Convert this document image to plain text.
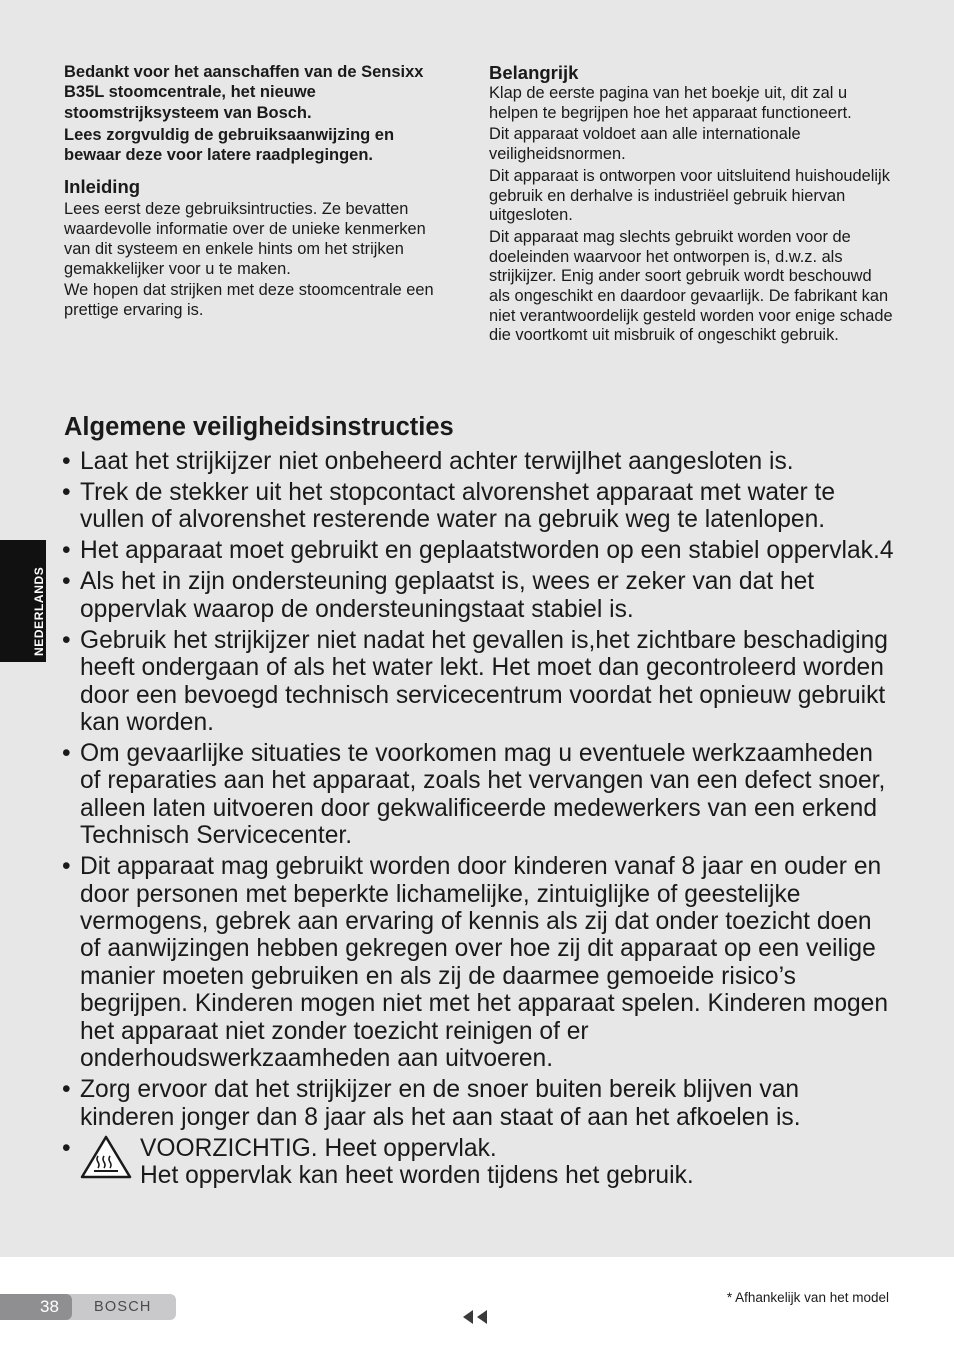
NEDERLANDS

Bedankt voor het aanschaffen van de Sensixx B35L stoomcentrale, het nieuwe stoomstrijksysteem van Bosch.

Lees zorgvuldig de gebruiksaanwijzing en bewaar deze voor latere raadplegingen.

Inleiding

Lees eerst deze gebruiksintructies. Ze bevatten waardevolle informatie over de unieke kenmerken van dit systeem en enkele hints om het strijken gemakkelijker voor u te maken.

We hopen dat strijken met deze stoomcentrale een prettige ervaring is.

Belangrijk

Klap de eerste pagina van het boekje uit, dit zal u helpen te begrijpen hoe het apparaat functioneert.

Dit apparaat voldoet aan alle internationale veiligheidsnormen.

Dit apparaat is ontworpen voor uitsluitend huishoudelijk gebruik en derhalve is industriëel gebruik hiervan uitgesloten.

Dit apparaat mag slechts gebruikt worden voor de doeleinden waarvoor het ontworpen is, d.w.z. als strijkijzer. Enig ander soort gebruik wordt beschouwd als ongeschikt en daardoor gevaarlijk. De fabrikant kan niet verantwoordelijk gesteld worden voor enige schade die voortkomt uit misbruik of ongeschikt gebruik.

Algemene veiligheidsinstructies
• Laat het strijkijzer niet onbeheerd achter terwijlhet aangesloten is.
• Trek de stekker uit het stopcontact alvorenshet apparaat met water te vullen of alvorenshet resterende water na gebruik weg te latenlopen.
• Het apparaat moet gebruikt en geplaatstworden op een stabiel oppervlak.4
• Als het in zijn ondersteuning geplaatst is, wees er zeker van dat het oppervlak waarop de ondersteuningstaat stabiel is.
• Gebruik het strijkijzer niet nadat het gevallen is,het zichtbare beschadiging heeft ondergaan of als het water lekt. Het moet dan gecontroleerd worden door een bevoegd technisch servicecentrum voordat het opnieuw gebruikt kan worden.
• Om gevaarlijke situaties te voorkomen mag u eventuele werkzaamheden of reparaties aan het apparaat, zoals het vervangen van een defect snoer, alleen laten uitvoeren door gekwalificeerde medewerkers van een erkend Technisch Servicecenter.
• Dit apparaat mag gebruikt worden door kinderen vanaf 8 jaar en ouder en door personen met beperkte lichamelijke, zintuiglijke of geestelijke vermogens, gebrek aan ervaring of kennis als zij dat onder toezicht doen of aanwijzingen hebben gekregen over hoe zij dit apparaat op een veilige manier moeten gebruiken en als zij de daarmee gemoeide risico’s begrijpen. Kinderen mogen niet met het apparaat spelen. Kinderen mogen het apparaat niet zonder toezicht reinigen of er onderhoudswerkzaamheden aan uitvoeren.
• Zorg ervoor dat het strijkijzer en de snoer buiten bereik blijven van kinderen jonger dan 8 jaar als het aan staat of aan het afkoelen is.
•	VOORZICHTIG. Heet oppervlak.
Het oppervlak kan heet worden tijdens het gebruik.
38 BOSCH
* Afhankelijk van het model
